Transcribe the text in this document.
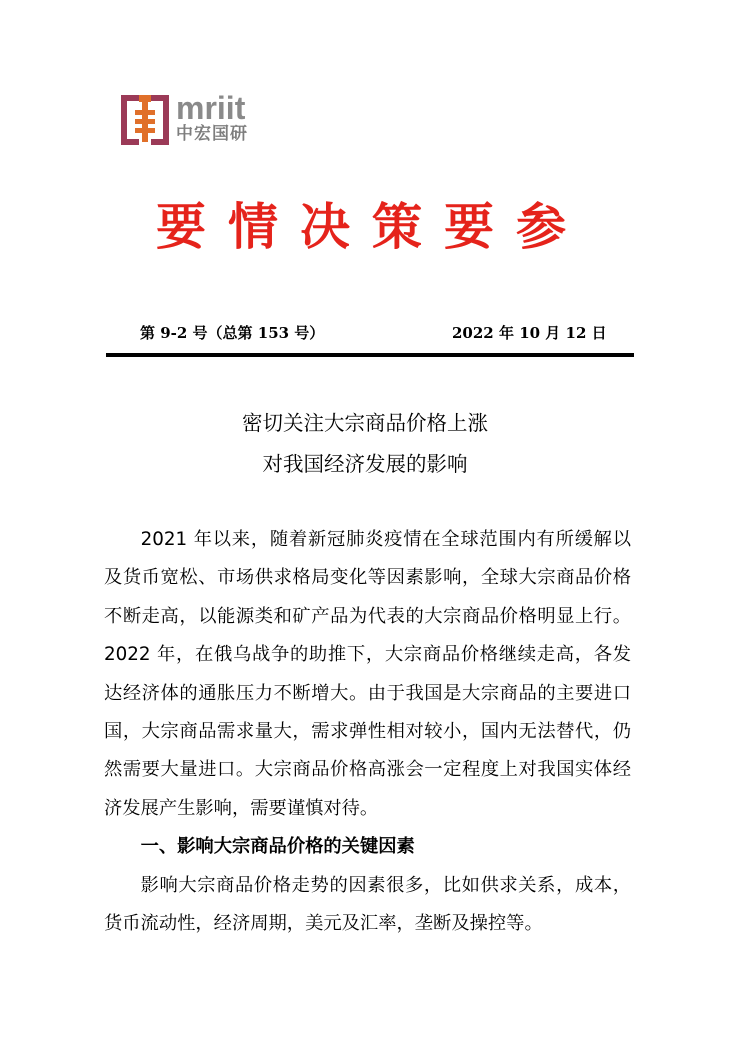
mriit
中宏国研
要情决策要参
第 9-2 号（总第 153 号）	2022 年 10 月 12 日
密切关注大宗商品价格上涨
对我国经济发展的影响

2021 年以来，随着新冠肺炎疫情在全球范围内有所缓解以及货币宽松、市场供求格局变化等因素影响，全球大宗商品价格不断走高，以能源类和矿产品为代表的大宗商品价格明显上行。2022 年，在俄乌战争的助推下，大宗商品价格继续走高，各发达经济体的通胀压力不断增大。由于我国是大宗商品的主要进口国，大宗商品需求量大，需求弹性相对较小，国内无法替代，仍然需要大量进口。大宗商品价格高涨会一定程度上对我国实体经济发展产生影响，需要谨慎对待。

一、影响大宗商品价格的关键因素

影响大宗商品价格走势的因素很多，比如供求关系，成本，货币流动性，经济周期，美元及汇率，垄断及操控等。
